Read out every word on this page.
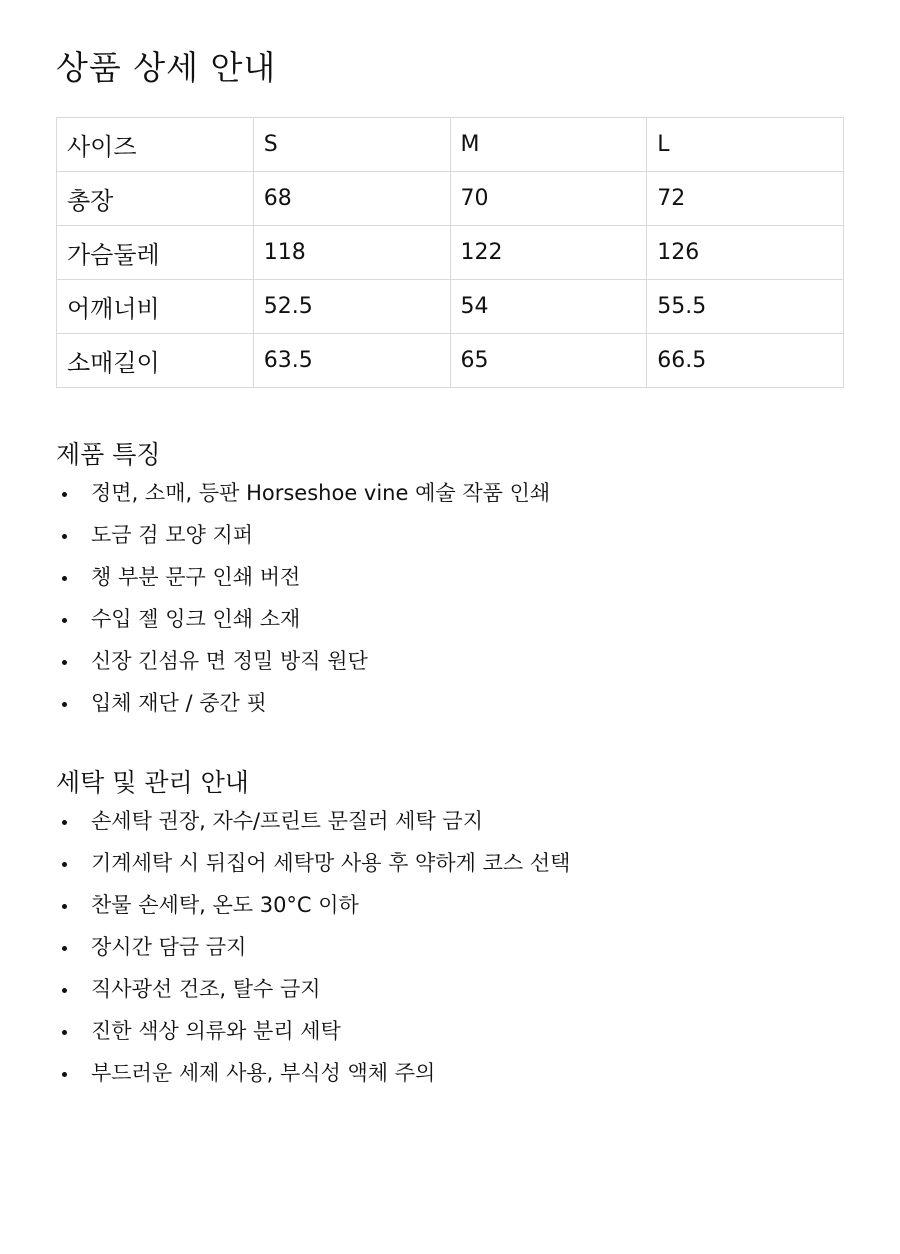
상품 상세 안내
사이즈	S	M	L
총장	68	70	72
가슴둘레	118	122	126
어깨너비	52.5	54	55.5
소매길이	63.5	65	66.5
제품 특징
정면, 소매, 등판 Horseshoe vine 예술 작품 인쇄
도금 검 모양 지퍼
챙 부분 문구 인쇄 버전
수입 젤 잉크 인쇄 소재
신장 긴섬유 면 정밀 방직 원단
입체 재단 / 중간 핏
세탁 및 관리 안내
손세탁 권장, 자수/프린트 문질러 세탁 금지
기계세탁 시 뒤집어 세탁망 사용 후 약하게 코스 선택
찬물 손세탁, 온도 30°C 이하
장시간 담금 금지
직사광선 건조, 탈수 금지
진한 색상 의류와 분리 세탁
부드러운 세제 사용, 부식성 액체 주의
